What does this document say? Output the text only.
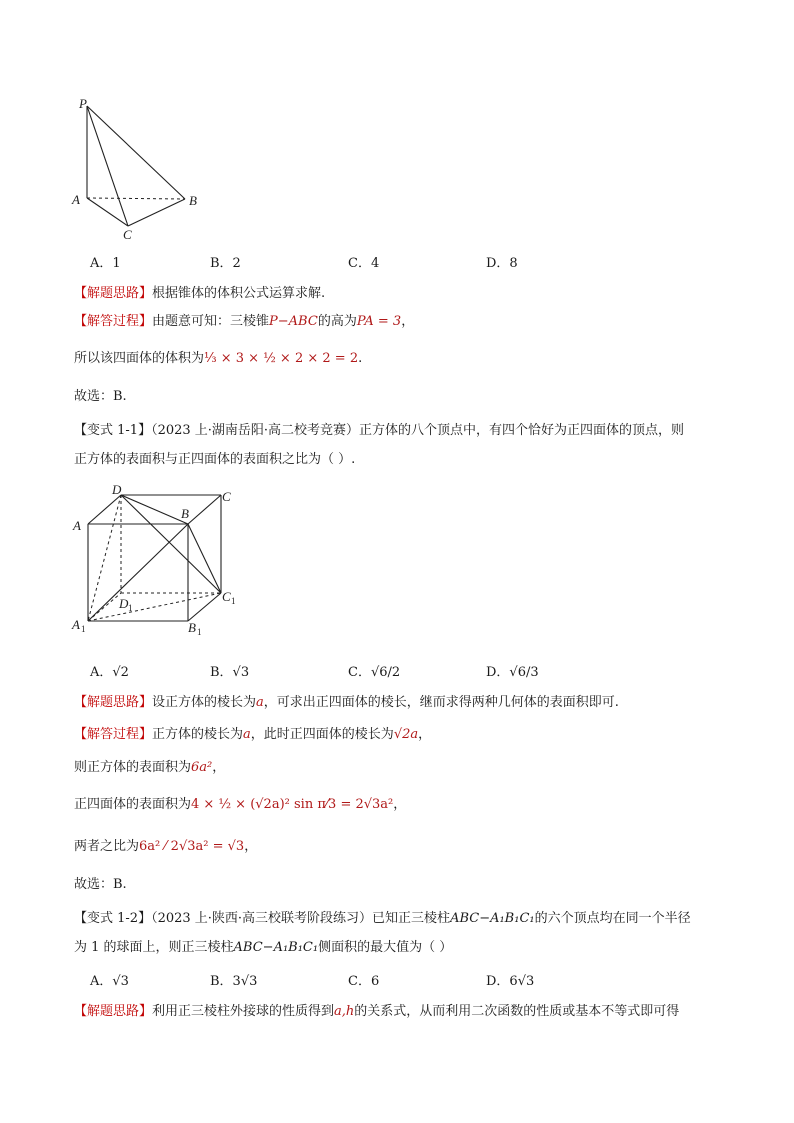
P
A	B
C
A．1	B．2	C．4	D．8
【解题思路】根据锥体的体积公式运算求解.
【解答过程】由题意可知：三棱锥P−ABC的高为PA = 3，
所以该四面体的体积为⅓ × 3 × ½ × 2 × 2 = 2.
故选：B.
【变式 1-1】（2023 上·湖南岳阳·高二校考竞赛）正方体的八个顶点中，有四个恰好为正四面体的顶点，则
正方体的表面积与正四面体的表面积之比为（ ）.
D	C
A
B
C 1
D 1
A 1	B 1
A．√2	B．√3	C．√6/2	D．√6/3
【解题思路】设正方体的棱长为a，可求出正四面体的棱长，继而求得两种几何体的表面积即可.
【解答过程】正方体的棱长为a，此时正四面体的棱长为√2a，
则正方体的表面积为6a²，
正四面体的表面积为4 × ½ × (√2a)² sin π⁄3 = 2√3a²，
两者之比为6a² ⁄ 2√3a² = √3，
故选：B.
【变式 1-2】（2023 上·陕西·高三校联考阶段练习）已知正三棱柱ABC−A₁B₁C₁的六个顶点均在同一个半径
为 1 的球面上，则正三棱柱ABC−A₁B₁C₁侧面积的最大值为（ ）
A．√3	B．3√3	C．6	D．6√3
【解题思路】利用正三棱柱外接球的性质得到a,h的关系式，从而利用二次函数的性质或基本不等式即可得
